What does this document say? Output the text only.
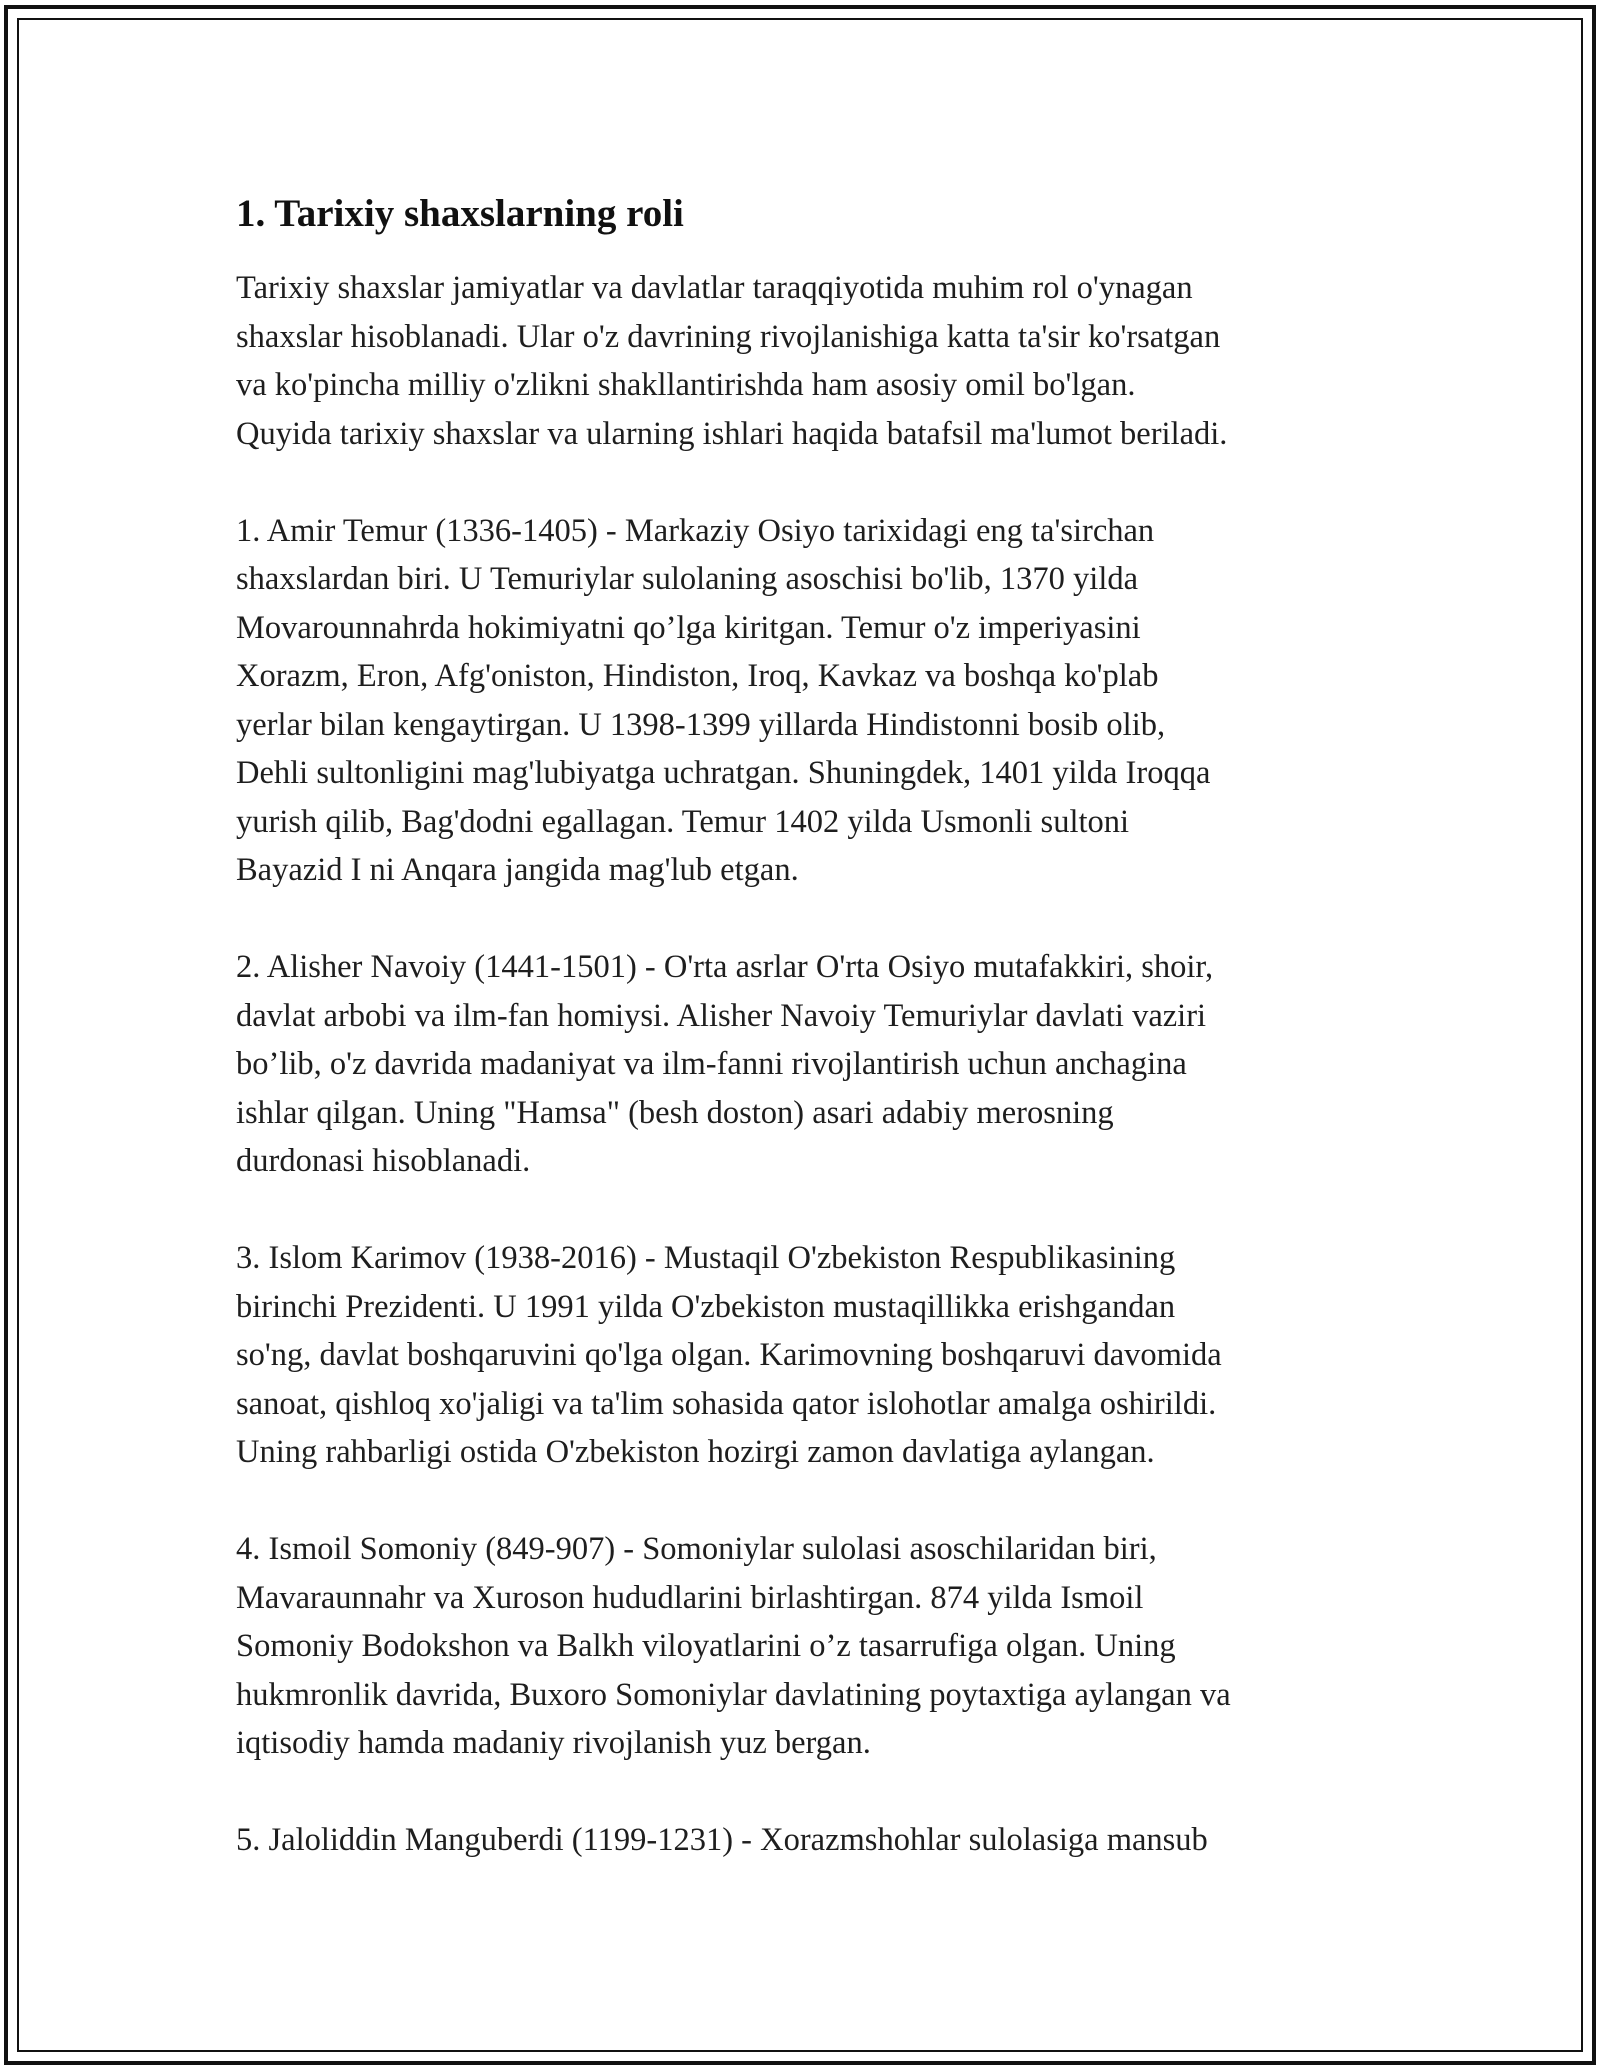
1. Tarixiy shaxslarning roli

Tarixiy shaxslar jamiyatlar va davlatlar taraqqiyotida muhim rol o'ynagan
shaxslar hisoblanadi. Ular o'z davrining rivojlanishiga katta ta'sir ko'rsatgan
va ko'pincha milliy o'zlikni shakllantirishda ham asosiy omil bo'lgan.
Quyida tarixiy shaxslar va ularning ishlari haqida batafsil ma'lumot beriladi.

1. Amir Temur (1336-1405) - Markaziy Osiyo tarixidagi eng ta'sirchan
shaxslardan biri. U Temuriylar sulolaning asoschisi bo'lib, 1370 yilda
Movarounnahrda hokimiyatni qo’lga kiritgan. Temur o'z imperiyasini
Xorazm, Eron, Afg'oniston, Hindiston, Iroq, Kavkaz va boshqa ko'plab
yerlar bilan kengaytirgan. U 1398-1399 yillarda Hindistonni bosib olib,
Dehli sultonligini mag'lubiyatga uchratgan. Shuningdek, 1401 yilda Iroqqa
yurish qilib, Bag'dodni egallagan. Temur 1402 yilda Usmonli sultoni
Bayazid I ni Anqara jangida mag'lub etgan.

2. Alisher Navoiy (1441-1501) - O'rta asrlar O'rta Osiyo mutafakkiri, shoir,
davlat arbobi va ilm-fan homiysi. Alisher Navoiy Temuriylar davlati vaziri
bo’lib, o'z davrida madaniyat va ilm-fanni rivojlantirish uchun anchagina
ishlar qilgan. Uning "Hamsa" (besh doston) asari adabiy merosning
durdonasi hisoblanadi.

3. Islom Karimov (1938-2016) - Mustaqil O'zbekiston Respublikasining
birinchi Prezidenti. U 1991 yilda O'zbekiston mustaqillikka erishgandan
so'ng, davlat boshqaruvini qo'lga olgan. Karimovning boshqaruvi davomida
sanoat, qishloq xo'jaligi va ta'lim sohasida qator islohotlar amalga oshirildi.
Uning rahbarligi ostida O'zbekiston hozirgi zamon davlatiga aylangan.

4. Ismoil Somoniy (849-907) - Somoniylar sulolasi asoschilaridan biri,
Mavaraunnahr va Xuroson hududlarini birlashtirgan. 874 yilda Ismoil
Somoniy Bodokshon va Balkh viloyatlarini o’z tasarrufiga olgan. Uning
hukmronlik davrida, Buxoro Somoniylar davlatining poytaxtiga aylangan va
iqtisodiy hamda madaniy rivojlanish yuz bergan.

5. Jaloliddin Manguberdi (1199-1231) - Xorazmshohlar sulolasiga mansub
